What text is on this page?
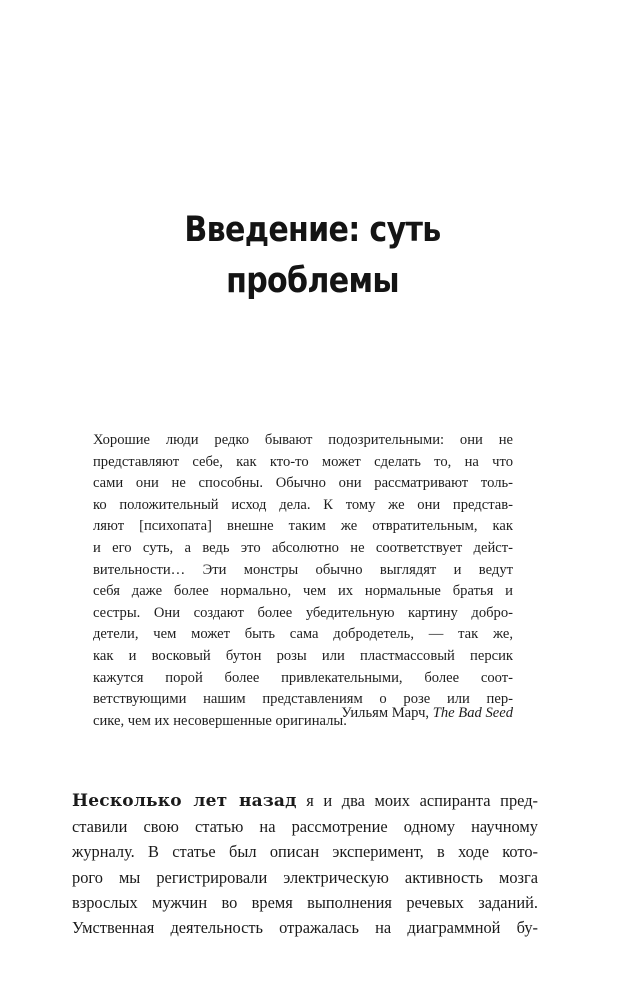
Введение: суть
проблемы
Хорошие люди редко бывают подозрительными: они не
представляют себе, как кто-то может сделать то, на что
сами они не способны. Обычно они рассматривают толь-
ко положительный исход дела. К тому же они представ-
ляют [психопата] внешне таким же отвратительным, как
и его суть, а ведь это абсолютно не соответствует дейст-
вительности… Эти монстры обычно выглядят и ведут
себя даже более нормально, чем их нормальные братья и
сестры. Они создают более убедительную картину добро-
детели, чем может быть сама добродетель, — так же,
как и восковый бутон розы или пластмассовый персик
кажутся порой более привлекательными, более соот-
ветствующими нашим представлениям о розе или пер-
сике, чем их несовершенные оригиналы.
Уильям Марч, The Bad Seed
Несколько лет назад я и два моих аспиранта пред-
ставили свою статью на рассмотрение одному научному
журналу. В статье был описан эксперимент, в ходе кото-
рого мы регистрировали электрическую активность мозга
взрослых мужчин во время выполнения речевых заданий.
Умственная деятельность отражалась на диаграммной бу-
